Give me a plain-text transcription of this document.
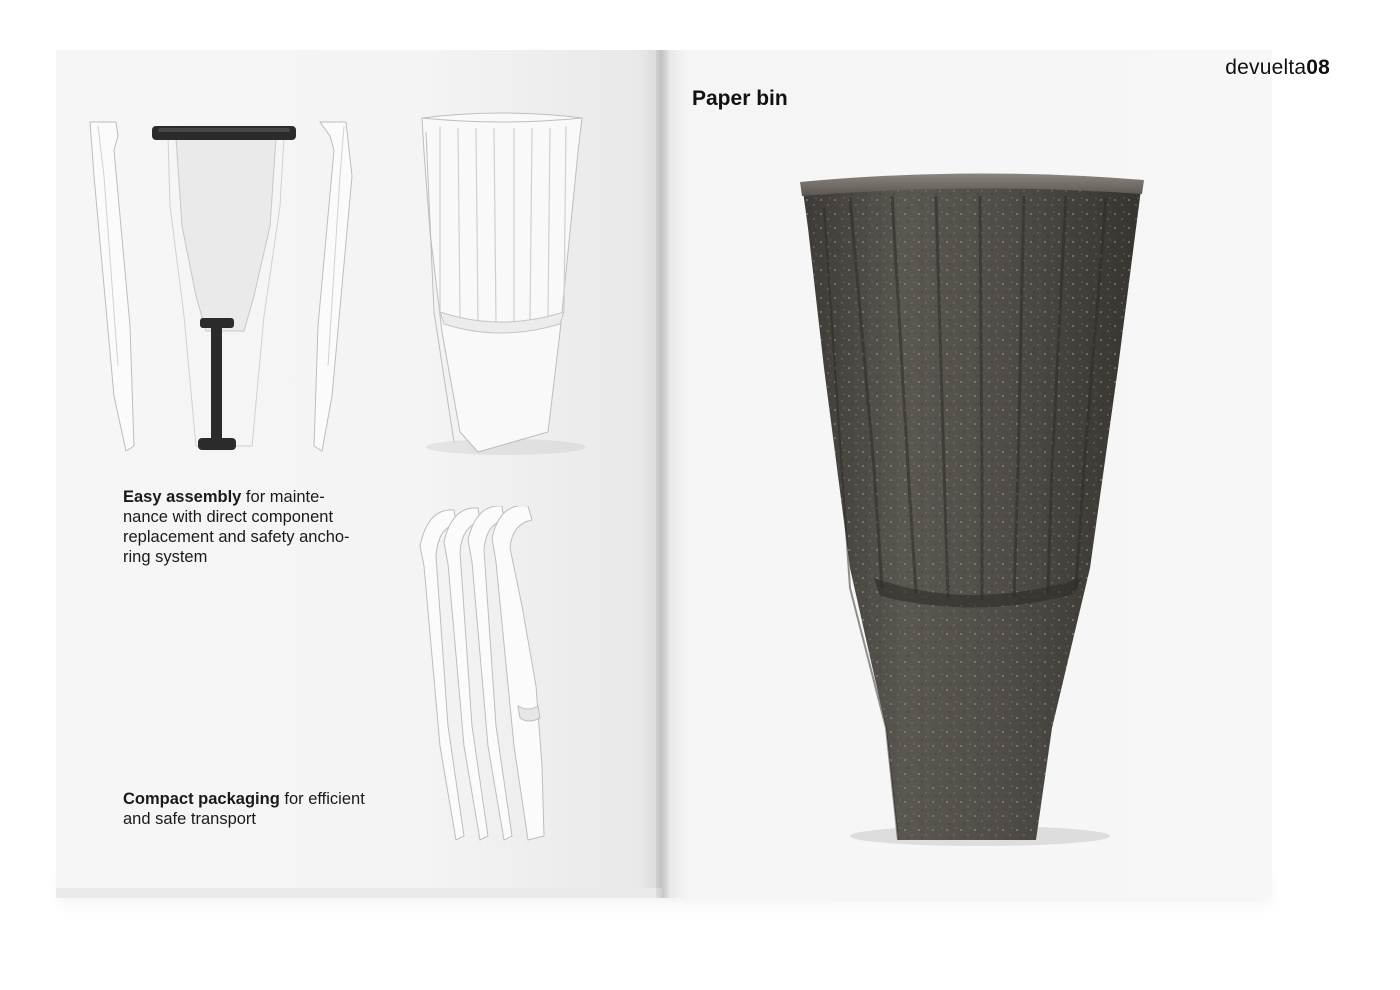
devuelta08
Paper bin
Easy assembly for mainte-
nance with direct component
replacement and safety ancho-
ring system
Compact packaging for efficient
and safe transport
